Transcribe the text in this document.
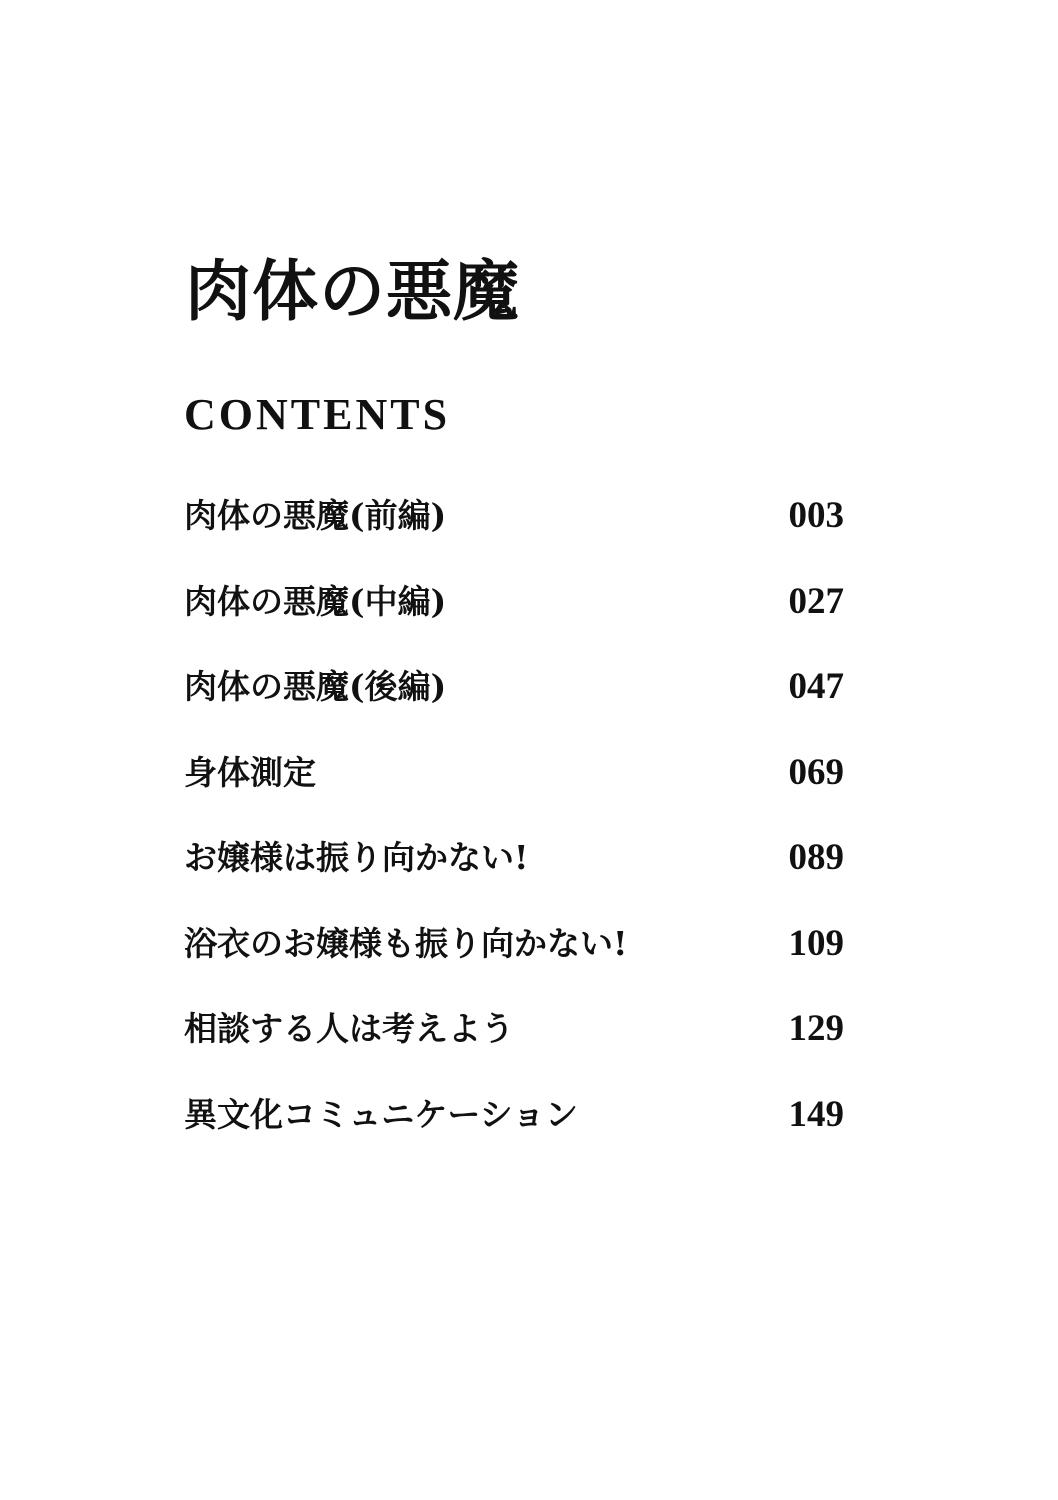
肉体の悪魔
CONTENTS
肉体の悪魔(前編)	003
肉体の悪魔(中編)	027
肉体の悪魔(後編)	047
身体測定	069
お嬢様は振り向かない!	089
浴衣のお嬢様も振り向かない!	109
相談する人は考えよう	129
異文化コミュニケーション	149
